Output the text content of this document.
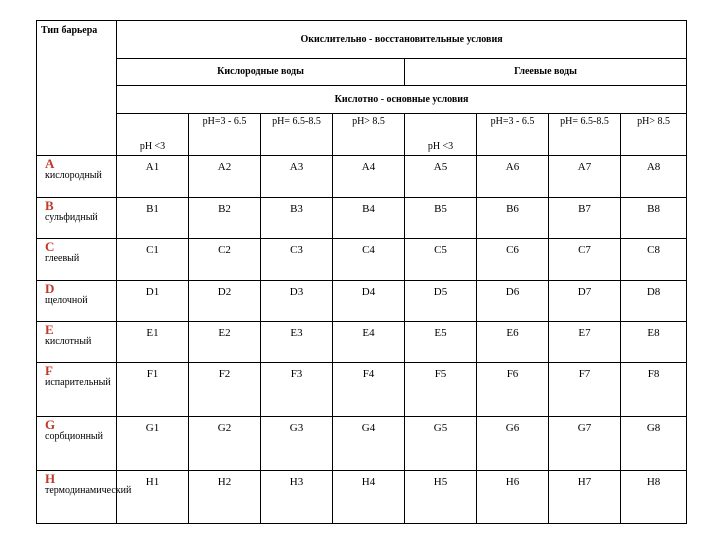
Тип барьера	Окислительно - восстановительные условия							
	Кислородные воды				Глеевые воды			
	Кислотно - основные условия							
	pH <3	pH=3 - 6.5	pH= 6.5-8.5	pH> 8.5	pH <3	pH=3 - 6.5	pH= 6.5-8.5	pH> 8.5

A
кислородный	A1	A2	A3	A4	A5	A6	A7	A8

B
сульфидный	B1	B2	B3	B4	B5	B6	B7	B8

C
глеевый	C1	C2	C3	C4	C5	C6	C7	C8

D
щелочной	D1	D2	D3	D4	D5	D6	D7	D8

E
кислотный	E1	E2	E3	E4	E5	E6	E7	E8

F
испарительный	F1	F2	F3	F4	F5	F6	F7	F8

G
сорбционный	G1	G2	G3	G4	G5	G6	G7	G8

H
термодинамический	H1	H2	H3	H4	H5	H6	H7	H8
